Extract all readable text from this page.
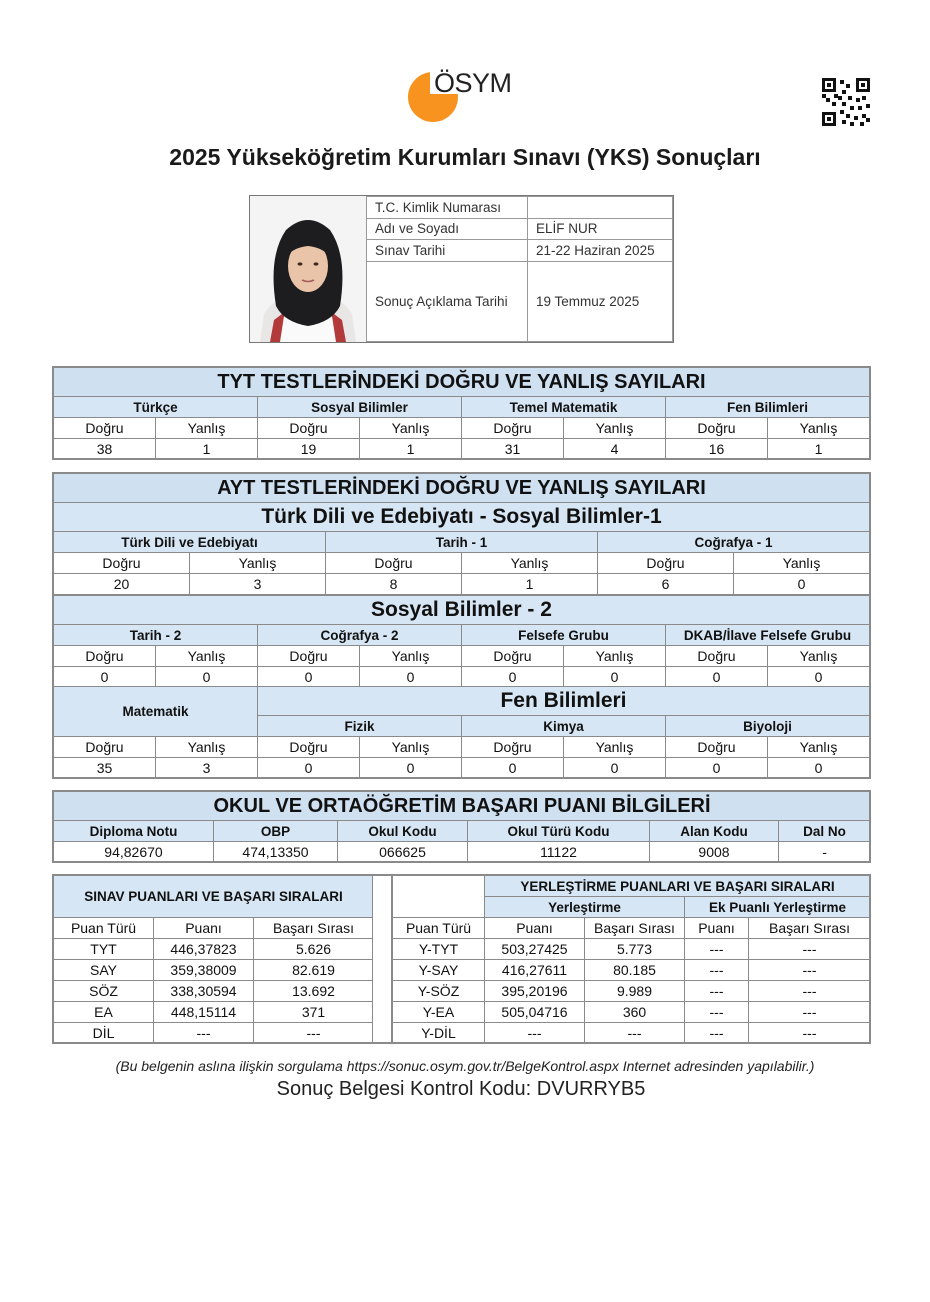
ÖSYM
2025 Yükseköğretim Kurumları Sınavı (YKS) Sonuçları
T.C. Kimlik Numarası	
Adı ve Soyadı	ELİF NUR
Sınav Tarihi	21-22 Haziran 2025
Sonuç Açıklama Tarihi	19 Temmuz 2025
TYT TESTLERİNDEKİ DOĞRU VE YANLIŞ SAYILARI							
Türkçe		Sosyal Bilimler		Temel Matematik		Fen Bilimleri	
Doğru	Yanlış	Doğru	Yanlış	Doğru	Yanlış	Doğru	Yanlış
38	1	19	1	31	4	16	1
AYT TESTLERİNDEKİ DOĞRU VE YANLIŞ SAYILARI					
Türk Dili ve Edebiyatı - Sosyal Bilimler-1					
Türk Dili ve Edebiyatı		Tarih - 1		Coğrafya - 1	
Doğru	Yanlış	Doğru	Yanlış	Doğru	Yanlış
20	3	8	1	6	0
Sosyal Bilimler - 2							
Tarih - 2		Coğrafya - 2		Felsefe Grubu		DKAB/İlave Felsefe Grubu	
Doğru	Yanlış	Doğru	Yanlış	Doğru	Yanlış	Doğru	Yanlış
0	0	0	0	0	0	0	0
Matematik		Fen Bilimleri					
		Fizik		Kimya		Biyoloji	
Doğru	Yanlış	Doğru	Yanlış	Doğru	Yanlış	Doğru	Yanlış
35	3	0	0	0	0	0	0
OKUL VE ORTAÖĞRETİM BAŞARI PUANI BİLGİLERİ					
Diploma Notu	OBP	Okul Kodu	Okul Türü Kodu	Alan Kodu	Dal No
94,82670	474,13350	066625	11122	9008	-
SINAV PUANLARI VE BAŞARI SIRALARI		
Puan Türü	Puanı	Başarı Sırası
TYT	446,37823	5.626
SAY	359,38009	82.619
SÖZ	338,30594	13.692
EA	448,15114	371
DİL	---	---
	YERLEŞTİRME PUANLARI VE BAŞARI SIRALARI			
	Yerleştirme		Ek Puanlı Yerleştirme	
Puan Türü	Puanı	Başarı Sırası	Puanı	Başarı Sırası
Y-TYT	503,27425	5.773	---	---
Y-SAY	416,27611	80.185	---	---
Y-SÖZ	395,20196	9.989	---	---
Y-EA	505,04716	360	---	---
Y-DİL	---	---	---	---
(Bu belgenin aslına ilişkin sorgulama https://sonuc.osym.gov.tr/BelgeKontrol.aspx Internet adresinden yapılabilir.)
Sonuç Belgesi Kontrol Kodu: DVURRYB5
